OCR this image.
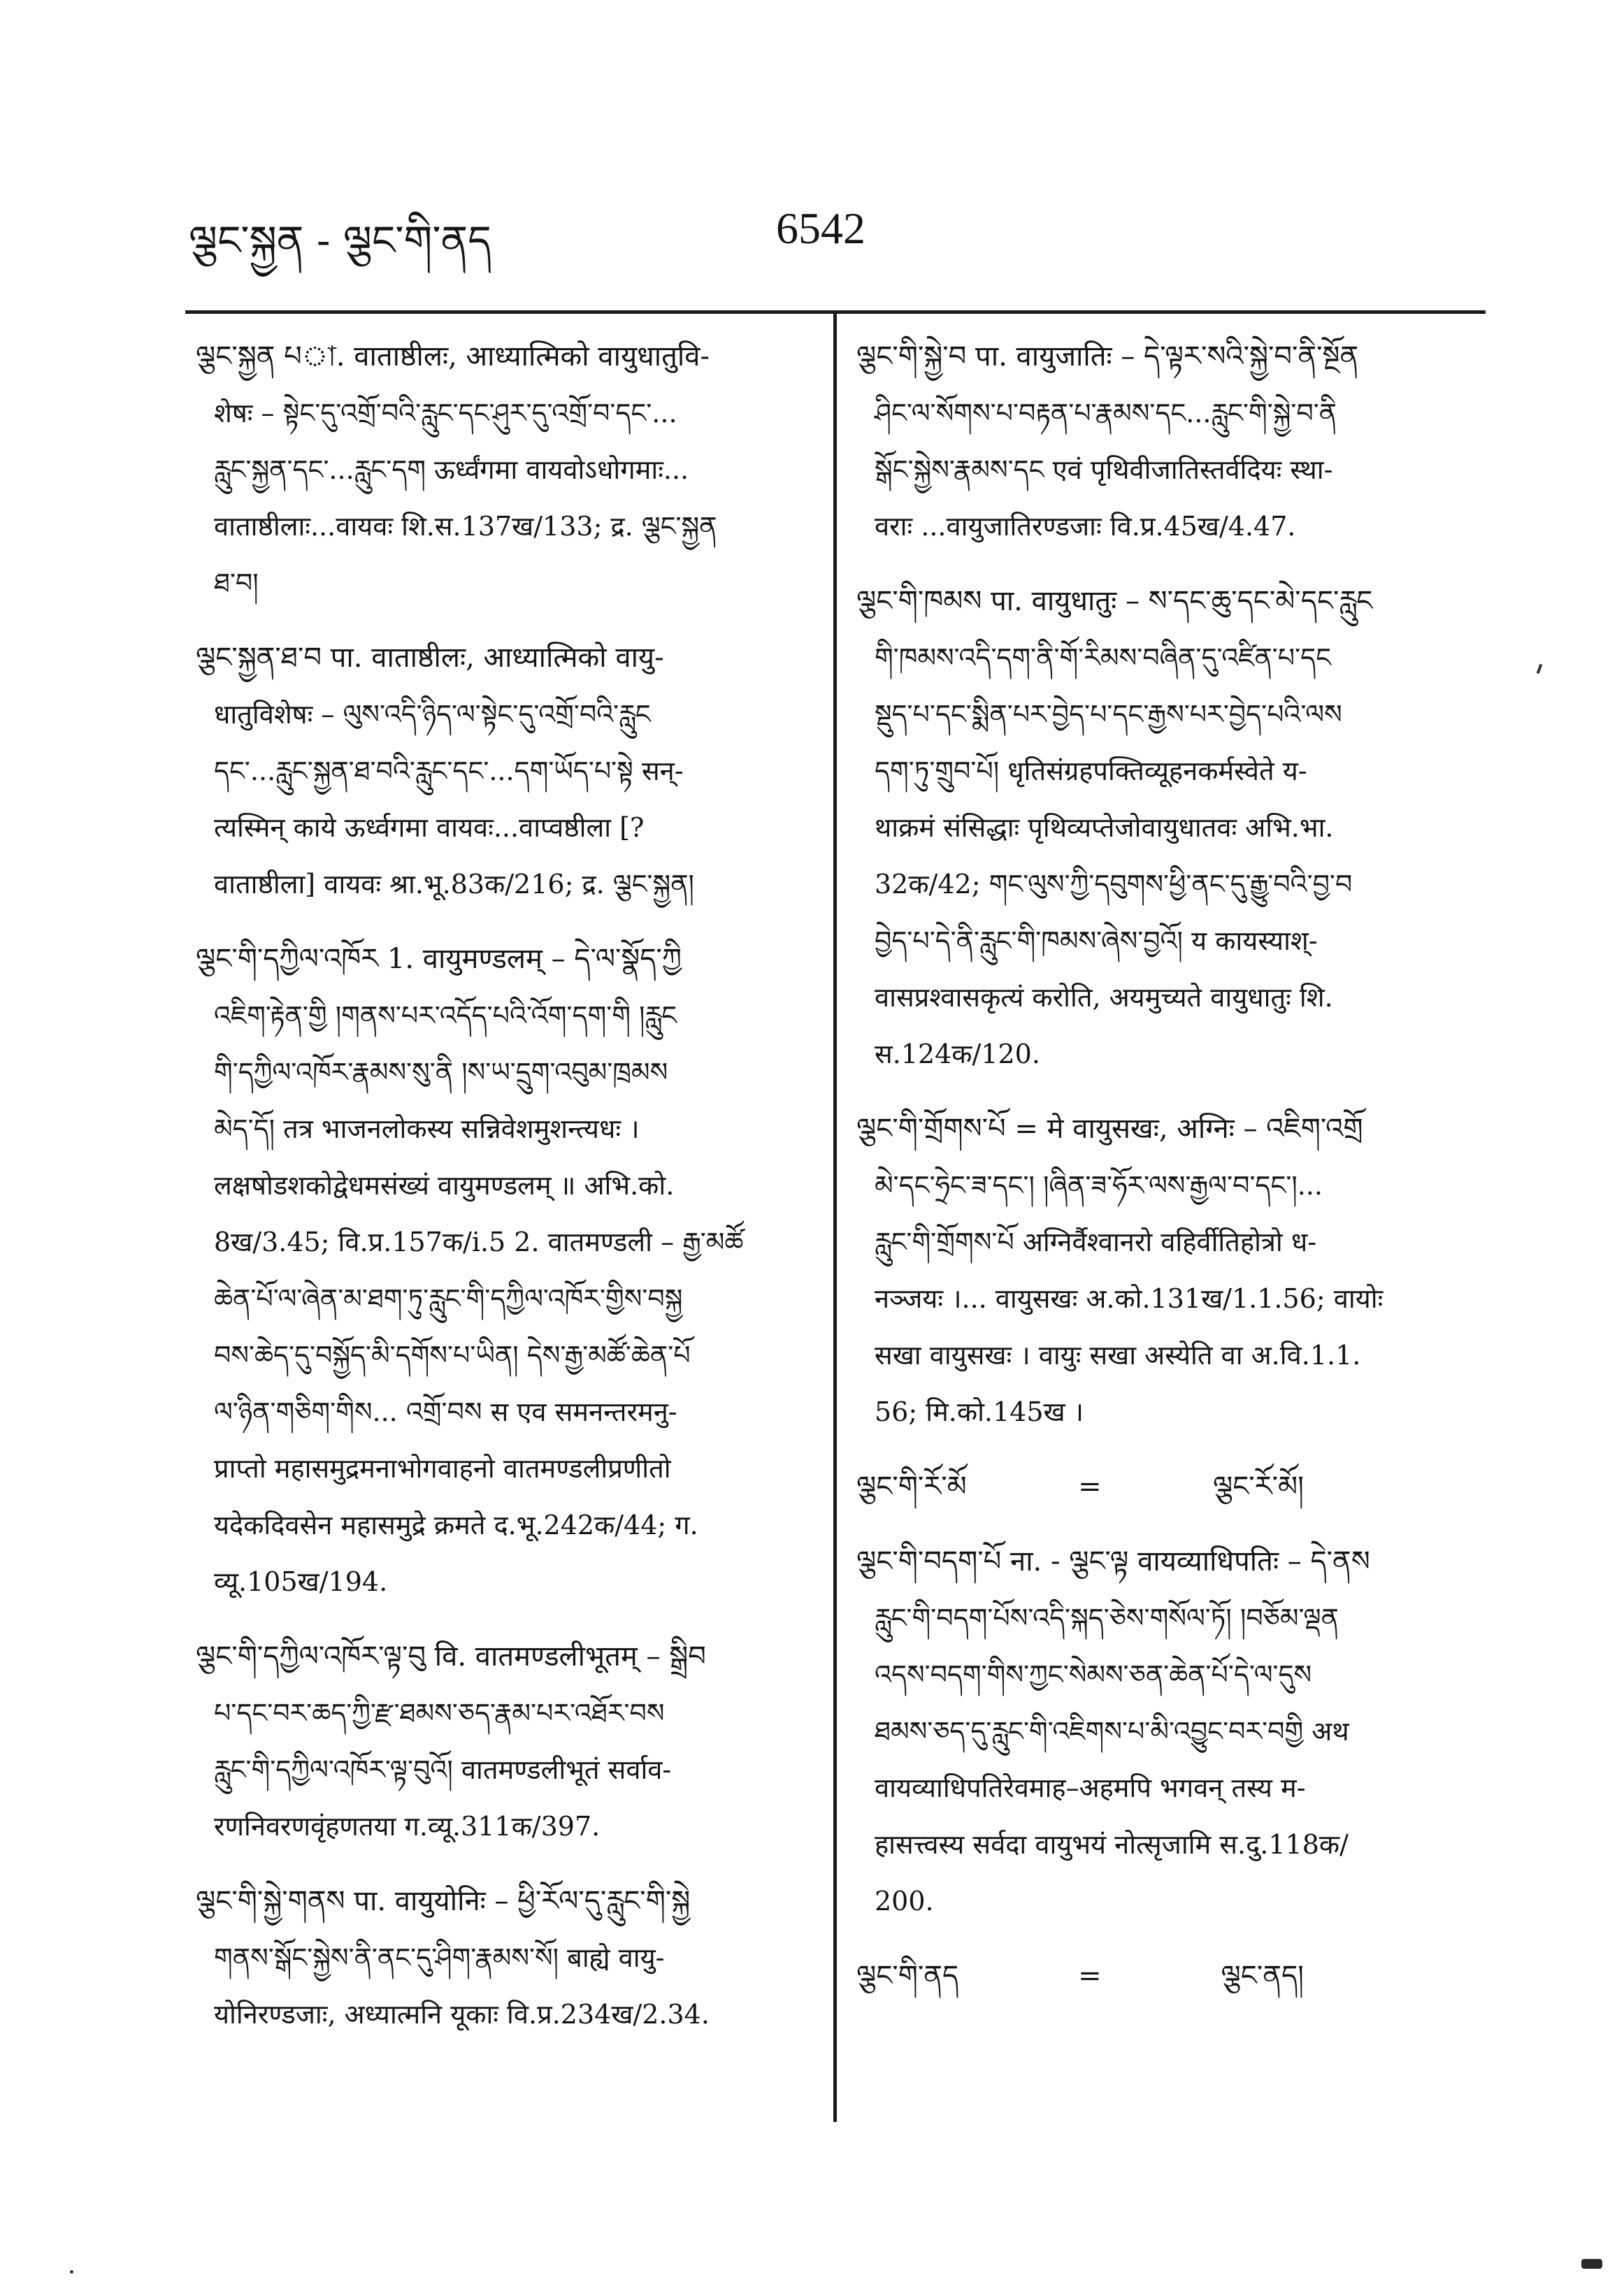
ལྕང་སྐྱན - ལྕང་གི་ནད	6542
ལྕང་སྐྱན པা. वाताष्ठीलः, आध्यात्मिको वायुधातुवि-
शेषः – སྟེང་དུ་འགྲོ་བའི་རླུང་དང་ཤུར་དུ་འགྲོ་བ་དང་...
རླུང་སྐྱན་དང་...རླུང་དག ऊर्ध्वंगमा वायवोऽधोगमाः...
वाताष्ठीलाः...वायवः शि.स.137ख/133; द्र. ལྕང་སྐྱན
ཐ་བ།
ལྕང་སྐྱན་ཐ་བ पा. वाताष्ठीलः, आध्यात्मिको वायु-
धातुविशेषः – ལུས་འདི་ཉིད་ལ་སྟེང་དུ་འགྲོ་བའི་རླུང
དང་...རླུང་སྐྱན་ཐ་བའི་རླུང་དང་...དག་ཡོད་པ་སྟེ सन्-
त्यस्मिन् काये ऊर्ध्वगमा वायवः...वाप्वष्ठीला [?
वाताष्ठीला] वायवः श्रा.भू.83क/216; द्र. ལྕང་སྐྱན།
ལྕང་གི་དཀྱིལ་འཁོར 1. वायुमण्डलम् – དེ་ལ་སྣོད་ཀྱི
འཇིག་རྟེན་གྱི །གནས་པར་འདོད་པའི་འོག་དག་གི །རླུང
གི་དཀྱིལ་འཁོར་རྣམས་སུ་ནི །ས་ཡ་དྲུག་འབུམ་ཁྲམས
མེད་དོ། तत्र भाजनलोकस्य सन्निवेशमुशन्त्यधः ।
लक्षषोडशकोद्वेधमसंख्यं वायुमण्डलम् ॥ अभि.को.
8ख/3.45; वि.प्र.157क/i.5 2. वातमण्डली – རྒྱ་མཚོ
ཆེན་པོ་ལ་ཞེན་མ་ཐག་ཏུ་རླུང་གི་དཀྱིལ་འཁོར་གྱིས་བསྐྱ
བས་ཆེད་དུ་བསྐྱོད་མི་དགོས་པ་ཡིན། དེས་རྒྱ་མཚོ་ཆེན་པོ
ལ་ཉིན་གཅིག་གིས... འགྲོ་བས स एव समनन्तरमनु-
प्राप्तो महासमुद्रमनाभोगवाहनो वातमण्डलीप्रणीतो
यदेकदिवसेन महासमुद्रे क्रमते द.भू.242क/44; ग.
व्यू.105ख/194.
ལྕང་གི་དཀྱིལ་འཁོར་ལྟ་བུ वि. वातमण्डलीभूतम् – སྒྲིབ
པ་དང་བར་ཆད་ཀྱི་རྫ་ཐམས་ཅད་རྣམ་པར་འཐོར་བས
རླུང་གི་དཀྱིལ་འཁོར་ལྟ་བུའོ། वातमण्डलीभूतं सर्वाव-
रणनिवरणवृंहणतया ग.व्यू.311क/397.
ལྕང་གི་སྐྱེ་གནས पा. वायुयोनिः – ཕྱི་རོལ་དུ་རླུང་གི་སྐྱེ
གནས་སྒོང་སྐྱེས་ནི་ནང་དུ་ཤིག་རྣམས་སོ། बाह्ये वायु-
योनिरण्डजाः, अध्यात्मनि यूकाः वि.प्र.234ख/2.34.
ལྕང་གི་སྐྱེ་བ पा. वायुजातिः – དེ་ལྟར་སའི་སྐྱེ་བ་ནི་སྔོན
ཤིང་ལ་སོགས་པ་བརྟན་པ་རྣམས་དང...རླུང་གི་སྐྱེ་བ་ནི
སྒོང་སྐྱེས་རྣམས་དང एवं पृथिवीजातिस्तर्वदियः स्था-
वराः ...वायुजातिरण्डजाः वि.प्र.45ख/4.47.
ལྕང་གི་ཁམས पा. वायुधातुः – ས་དང་ཆུ་དང་མེ་དང་རླུང
གི་ཁམས་འདི་དག་ནི་གོ་རིམས་བཞིན་དུ་འཛིན་པ་དང
སྡུད་པ་དང་སྨིན་པར་བྱེད་པ་དང་རྒྱས་པར་བྱེད་པའི་ལས
དག་ཏུ་གྲུབ་པོ། धृतिसंग्रहपक्तिव्यूहनकर्मस्वेते य-
थाक्रमं संसिद्धाः पृथिव्यप्तेजोवायुधातवः अभि.भा.
32क/42; གང་ལུས་ཀྱི་དབུགས་ཕྱི་ནང་དུ་རྒྱུ་བའི་བྱ་བ
བྱེད་པ་དེ་ནི་རླུང་གི་ཁམས་ཞེས་བྱའོ། य कायस्याश्-
वासप्रश्वासकृत्यं करोति, अयमुच्यते वायुधातुः शि.
स.124क/120.
ལྕང་གི་གྲོགས་པོ = मे वायुसखः, अग्निः – འཇིག་འགྲོ
མེ་དང་ཧྲེང་ཟ་དང་། །ཞིན་ཟ་ཧོར་ལས་རྒྱལ་བ་དང་།...
རླུང་གི་གྲོགས་པོ अग्निर्वैश्वानरो वहिर्वीतिहोत्रो ध-
नञ्जयः ।... वायुसखः अ.को.131ख/1.1.56; वायोः
सखा वायुसखः । वायुः सखा अस्येति वा अ.वि.1.1.
56; मि.को.145ख ।
ལྕང་གི་རོ་མོ	=	ལྕང་རོ་མོ།
ལྕང་གི་བདག་པོ ना. - ལྕང་ལྟ वायव्याधिपतिः – དེ་ནས
རླུང་གི་བདག་པོས་འདི་སྐད་ཅེས་གསོལ་ཏོ། །བཅོམ་ལྡན
འདས་བདག་གིས་ཀྱང་སེམས་ཅན་ཆེན་པོ་དེ་ལ་དུས
ཐམས་ཅད་དུ་རླུང་གི་འཇིགས་པ་མི་འབྱུང་བར་བགྱི अथ
वायव्याधिपतिरेवमाह–अहमपि भगवन् तस्य म-
हासत्त्वस्य सर्वदा वायुभयं नोत्सृजामि स.दु.118क/
200.
ལྕང་གི་ནད	=	ལྕང་ནད།
